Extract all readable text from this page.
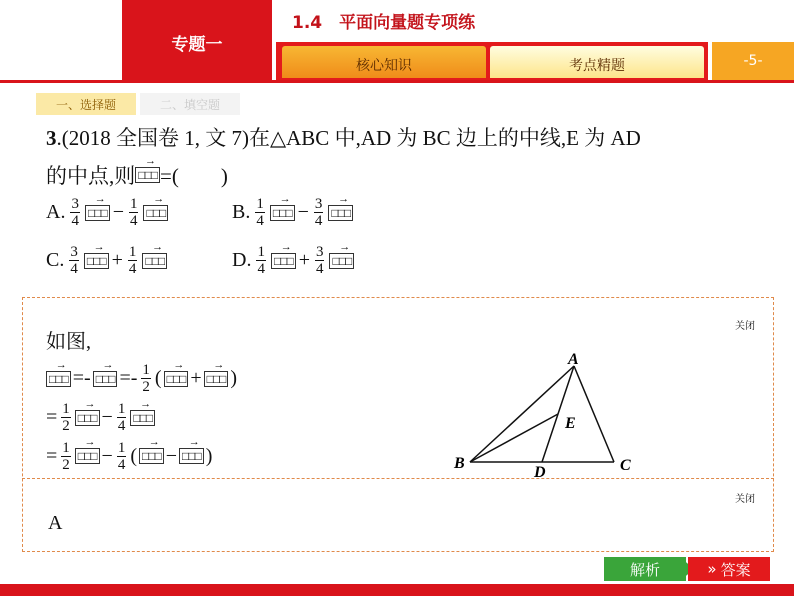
专题一
1.4　平面向量题专项练
核心知识	考点精题	-5-
一、选择题	二、填空题
3.(2018 全国卷 1, 文 7)在△ABC 中,AD 为 BC 边上的中线,E 为 AD
的中点,则 → □□□ =(　　)
A. $\frac{3}{4}$ → □□□ − $\frac{1}{4}$ → □□□	B. $\frac{1}{4}$ → □□□ − $\frac{3}{4}$ → □□□
C. $\frac{3}{4}$ → □□□ + $\frac{1}{4}$ → □□□	D. $\frac{1}{4}$ → □□□ + $\frac{3}{4}$ → □□□
关闭
如图,
→ □□□ =- → □□□ =- $\frac{1}{2}$ ( → □□□ + → □□□ )
= $\frac{1}{2}$ → □□□ − $\frac{1}{4}$ → □□□
= $\frac{1}{2}$ → □□□ − $\frac{1}{4}$ ( → □□□ − → □□□ )
A
B	C
D
E
关闭
A
解析	» 答案
